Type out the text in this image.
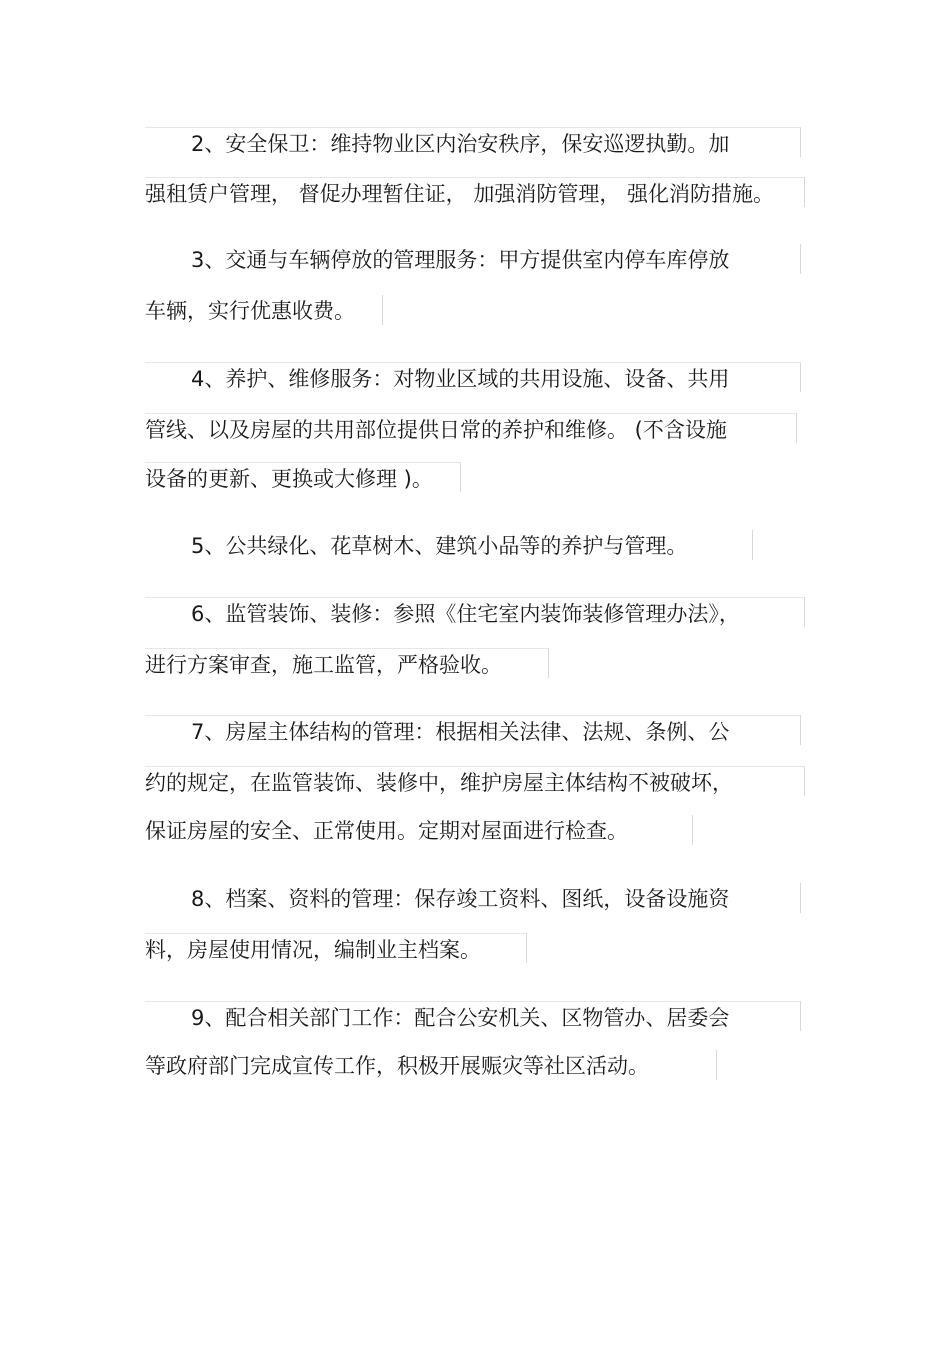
2、安全保卫：维持物业区内治安秩序，保安巡逻执勤。加
强租赁户管理， 督促办理暂住证， 加强消防管理， 强化消防措施。
3、交通与车辆停放的管理服务：甲方提供室内停车库停放
车辆，实行优惠收费。
4、养护、维修服务：对物业区域的共用设施、设备、共用
管线、以及房屋的共用部位提供日常的养护和维修。 (不含设施
设备的更新、更换或大修理 )。
5、公共绿化、花草树木、建筑小品等的养护与管理。
6、监管装饰、装修：参照《住宅室内装饰装修管理办法》，
进行方案审查，施工监管，严格验收。
7、房屋主体结构的管理：根据相关法律、法规、条例、公
约的规定，在监管装饰、装修中，维护房屋主体结构不被破坏，
保证房屋的安全、正常使用。定期对屋面进行检查。
8、档案、资料的管理：保存竣工资料、图纸，设备设施资
料，房屋使用情况，编制业主档案。
9、配合相关部门工作：配合公安机关、区物管办、居委会
等政府部门完成宣传工作，积极开展赈灾等社区活动。
